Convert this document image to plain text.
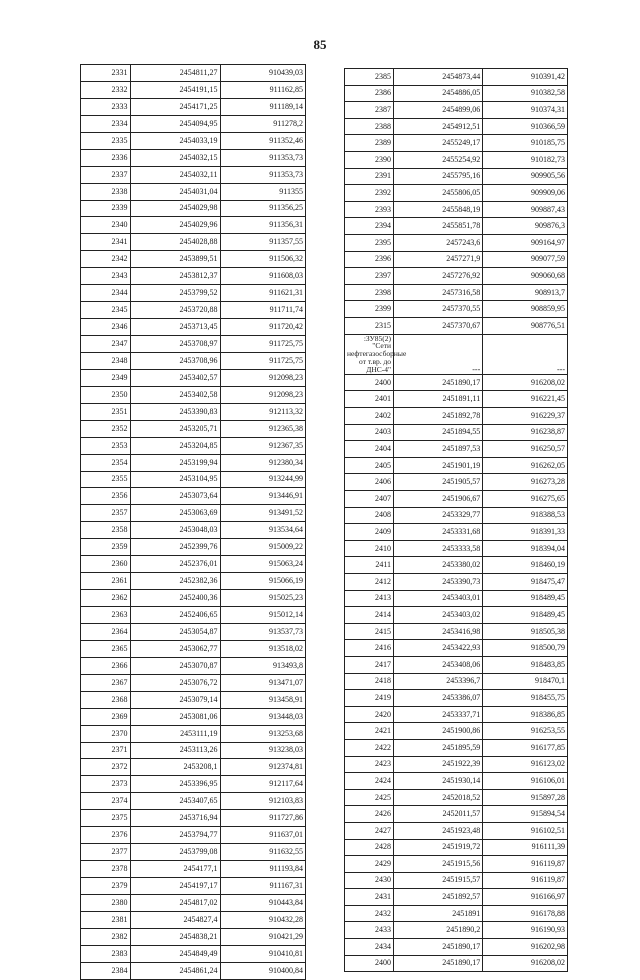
85
2331	2454811,27	910439,03
2332	2454191,15	911162,85
2333	2454171,25	911189,14
2334	2454094,95	911278,2
2335	2454033,19	911352,46
2336	2454032,15	911353,73
2337	2454032,11	911353,73
2338	2454031,04	911355
2339	2454029,98	911356,25
2340	2454029,96	911356,31
2341	2454028,88	911357,55
2342	2453899,51	911506,32
2343	2453812,37	911608,03
2344	2453799,52	911621,31
2345	2453720,88	911711,74
2346	2453713,45	911720,42
2347	2453708,97	911725,75
2348	2453708,96	911725,75
2349	2453402,57	912098,23
2350	2453402,58	912098,23
2351	2453390,83	912113,32
2352	2453205,71	912365,38
2353	2453204,85	912367,35
2354	2453199,94	912380,34
2355	2453104,95	913244,99
2356	2453073,64	913446,91
2357	2453063,69	913491,52
2358	2453048,03	913534,64
2359	2452399,76	915009,22
2360	2452376,01	915063,24
2361	2452382,36	915066,19
2362	2452400,36	915025,23
2363	2452406,65	915012,14
2364	2453054,87	913537,73
2365	2453062,77	913518,02
2366	2453070,87	913493,8
2367	2453076,72	913471,07
2368	2453079,14	913458,91
2369	2453081,06	913448,03
2370	2453111,19	913253,68
2371	2453113,26	913238,03
2372	2453208,1	912374,81
2373	2453396,95	912117,64
2374	2453407,65	912103,83
2375	2453716,94	911727,86
2376	2453794,77	911637,01
2377	2453799,08	911632,55
2378	2454177,1	911193,84
2379	2454197,17	911167,31
2380	2454817,02	910443,84
2381	2454827,4	910432,28
2382	2454838,21	910421,29
2383	2454849,49	910410,81
2384	2454861,24	910400,84
2385	2454873,44	910391,42
2386	2454886,05	910382,58
2387	2454899,06	910374,31
2388	2454912,51	910366,59
2389	2455249,17	910185,75
2390	2455254,92	910182,73
2391	2455795,16	909905,56
2392	2455806,05	909909,06
2393	2455848,19	909887,43
2394	2455851,78	909876,3
2395	2457243,6	909164,97
2396	2457271,9	909077,59
2397	2457276,92	909060,68
2398	2457316,58	908913,7
2399	2457370,55	908859,95
2315	2457370,67	908776,51
:ЗУ85(2) "Сети нефтегазосборные от т.вр. до ДНС-4"	---	---
2400	2451890,17	916208,02
2401	2451891,11	916221,45
2402	2451892,78	916229,37
2403	2451894,55	916238,87
2404	2451897,53	916250,57
2405	2451901,19	916262,05
2406	2451905,57	916273,28
2407	2451906,67	916275,65
2408	2453329,77	918388,53
2409	2453331,68	918391,33
2410	2453333,58	918394,04
2411	2453380,02	918460,19
2412	2453390,73	918475,47
2413	2453403,01	918489,45
2414	2453403,02	918489,45
2415	2453416,98	918505,38
2416	2453422,93	918500,79
2417	2453408,06	918483,85
2418	2453396,7	918470,1
2419	2453386,07	918455,75
2420	2453337,71	918386,85
2421	2451900,86	916253,55
2422	2451895,59	916177,85
2423	2451922,39	916123,02
2424	2451930,14	916106,01
2425	2452018,52	915897,28
2426	2452011,57	915894,54
2427	2451923,48	916102,51
2428	2451919,72	916111,39
2429	2451915,56	916119,87
2430	2451915,57	916119,87
2431	2451892,57	916166,97
2432	2451891	916178,88
2433	2451890,2	916190,93
2434	2451890,17	916202,98
2400	2451890,17	916208,02
